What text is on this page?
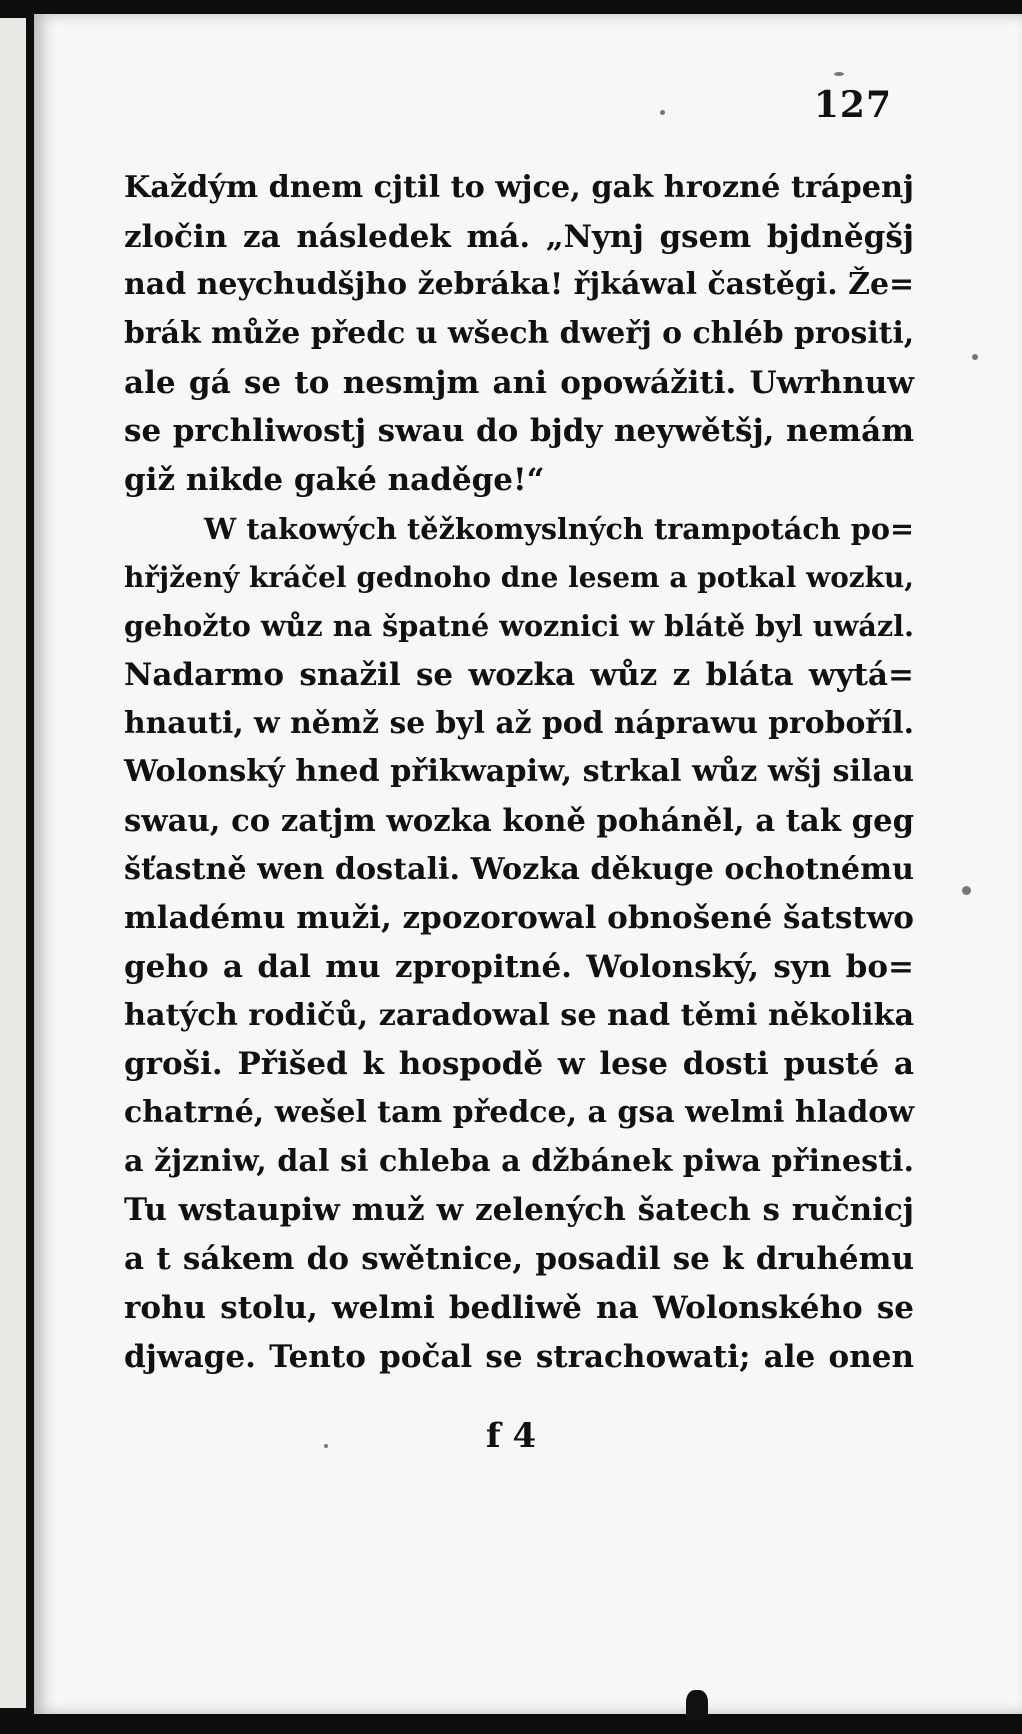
127
Každým dnem cjtil to wjce, gak hrozné trápenj
zločin za následek má. „Nynj gsem bjdněgšj
nad neychudšjho žebráka! řjkáwal častěgi. Že=
brák může předc u wšech dweřj o chléb prositi,
ale gá se to nesmjm ani opowážiti. Uwrhnuw
se prchliwostj swau do bjdy neywětšj, nemám
giž nikde gaké naděge!“
W takowých těžkomyslných trampotách po=
hřjžený kráčel gednoho dne lesem a potkal wozku,
gehožto wůz na špatné woznici w blátě byl uwázl.
Nadarmo snažil se wozka wůz z bláta wytá=
hnauti, w němž se byl až pod náprawu proboříl.
Wolonský hned přikwapiw, strkal wůz wšj silau
swau, co zatjm wozka koně poháněl, a tak geg
šťastně wen dostali. Wozka děkuge ochotnému
mladému muži, zpozorowal obnošené šatstwo
geho a dal mu zpropitné. Wolonský, syn bo=
hatých rodičů, zaradowal se nad těmi několika
groši. Přišed k hospodě w lese dosti pusté a
chatrné, wešel tam předce, a gsa welmi hladow
a žjzniw, dal si chleba a džbánek piwa přinesti.
Tu wstaupiw muž w zelených šatech s ručnicj
a t sákem do swětnice, posadil se k druhému
rohu stolu, welmi bedliwě na Wolonského se
djwage. Tento počal se strachowati; ale onen
f 4
